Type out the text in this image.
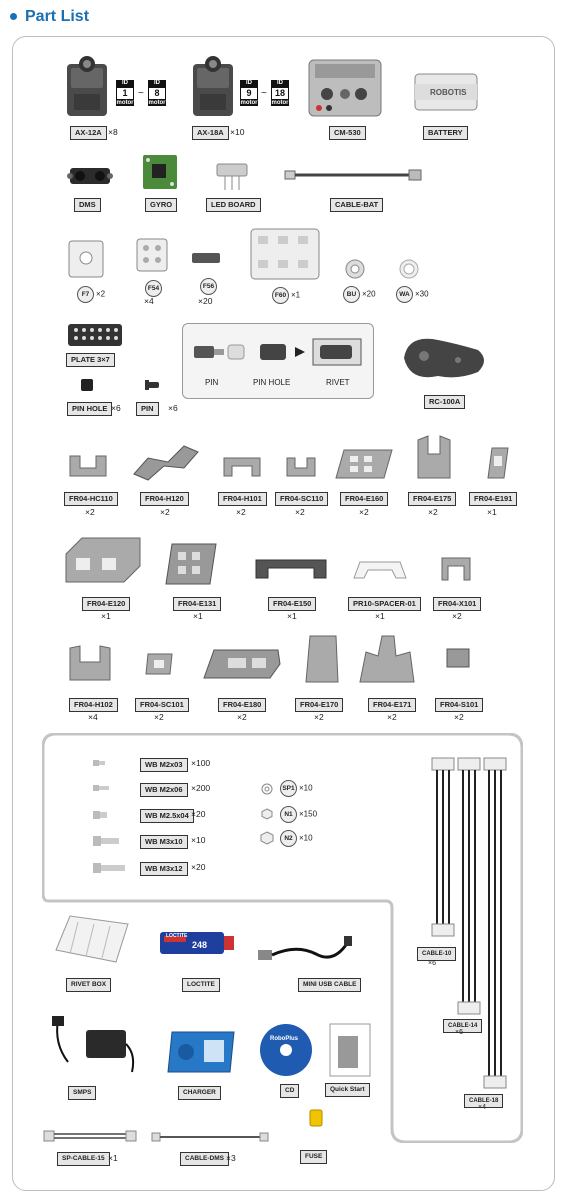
Part List
ID
1
motor
~
ID
8
motor
AX-12A ×8
ID
9
motor
~
ID
18
motor
AX-18A ×10	CM-530
ROBOTIS
BATTERY
DMS	GYRO	LED BOARD	CABLE-BAT
F7 ×2
F54
×4
F56
×20
F60 ×1	BU ×20	WA ×30
PLATE 3×7
PIN HOLE ×6	PIN	×6
PIN	PIN HOLE	RIVET
RC-100A
FR04-HC110
×2
FR04-H120
×2
FR04-H101
×2
FR04-SC110
×2
FR04-E160
×2
FR04-E175
×2
FR04-E191
×1
FR04-E120
×1
FR04-E131
×1
FR04-E150
×1
PR10-SPACER-01
×1
FR04-X101
×2
FR04-H102
×4
FR04-SC101
×2
FR04-E180
×2
FR04-E170
×2
FR04-E171
×2
FR04-S101
×2
WB M2x03 ×100
WB M2x06 ×200
WB M2.5x04 ×20
WB M3x10 ×10
WB M3x12 ×20
SP1 ×10
N1 ×150
N2 ×10
CABLE-10
×6
CABLE-14
×6
CABLE-18
×4
RIVET BOX
LOCTITE
248
LOCTITE	MINI USB CABLE
SMPS	CHARGER
RoboPlus
CD	Quick Start
SP-CABLE-15 ×1	CABLE-DMS ×3	FUSE
